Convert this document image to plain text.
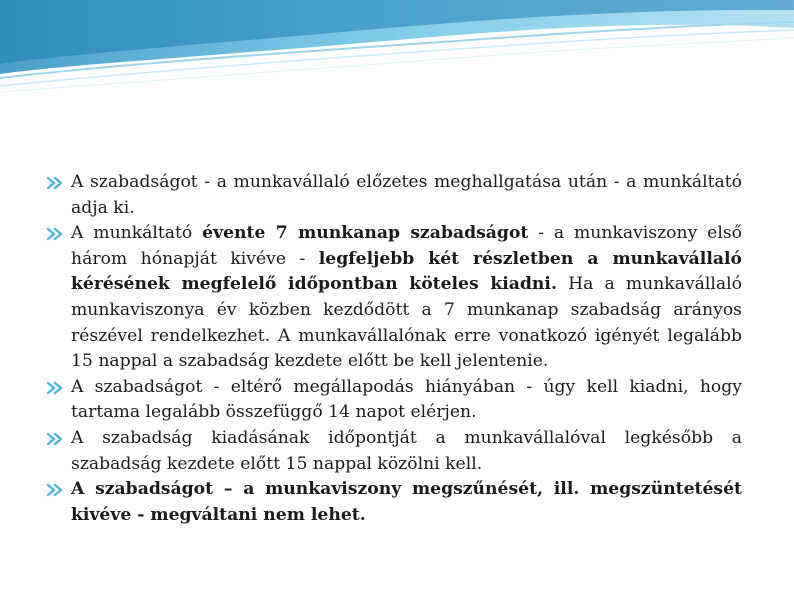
A szabadságot - a munkavállaló előzetes meghallgatása után - a munkáltató adja ki.
A munkáltató évente 7 munkanap szabadságot - a munkaviszony első három hónapját kivéve - legfeljebb két részletben a munkavállaló kérésének megfelelő időpontban köteles kiadni. Ha a munkavállaló munkaviszonya év közben kezdődött a 7 munkanap szabadság arányos részével rendelkezhet. A munkavállalónak erre vonatkozó igényét legalább 15 nappal a szabadság kezdete előtt be kell jelentenie.
A szabadságot - eltérő megállapodás hiányában - úgy kell kiadni, hogy tartama legalább összefüggő 14 napot elérjen.
A szabadság kiadásának időpontját a munkavállalóval legkésőbb a szabadság kezdete előtt 15 nappal közölni kell.
A szabadságot – a munkaviszony megszűnését, ill. megszüntetését kivéve - megváltani nem lehet.
